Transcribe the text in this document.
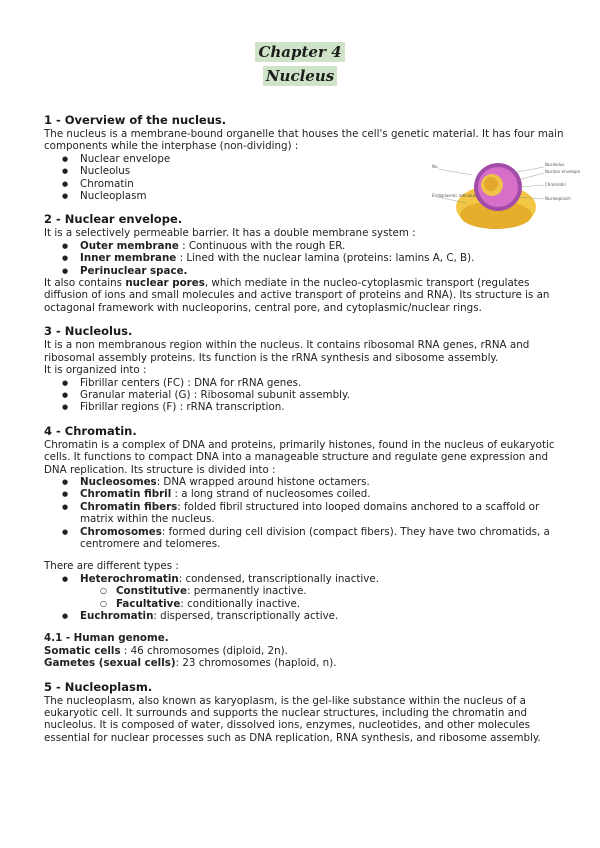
Chapter 4
Nucleus
Nu
Endoplasmic reticulum
Nucleolus
Nuclear envelope
Chromatin
Nucleoplasm
1 - Overview of the nucleus.

The nucleus is a membrane-bound organelle that houses the cell's genetic material. It has four main components while the interphase (non-dividing) :

● Nuclear envelope
● Nucleolus
● Chromatin
● Nucleoplasm
2 - Nuclear envelope.

It is a selectively permeable barrier. It has a double membrane system :

● Outer membrane : Continuous with the rough ER.
● Inner membrane : Lined with the nuclear lamina (proteins: lamins A, C, B).
● Perinuclear space.

It also contains nuclear pores, which mediate in the nucleo-cytoplasmic transport (regulates diffusion of ions and small molecules and active transport of proteins and RNA). Its structure is an octagonal framework with nucleoporins, central pore, and cytoplasmic/nuclear rings.

3 - Nucleolus.

It is a non membranous region within the nucleus. It contains ribosomal RNA genes, rRNA and ribosomal assembly proteins. Its function is the rRNA synthesis and sibosome assembly.

It is organized into :

● Fibrillar centers (FC) : DNA for rRNA genes.
● Granular material (G) : Ribosomal subunit assembly.
● Fibrillar regions (F) : rRNA transcription.
4 - Chromatin.

Chromatin is a complex of DNA and proteins, primarily histones, found in the nucleus of eukaryotic cells. It functions to compact DNA into a manageable structure and regulate gene expression and DNA replication. Its structure is divided into :

● Nucleosomes: DNA wrapped around histone octamers.
● Chromatin fibril : a long strand of nucleosomes coiled.
● Chromatin fibers: folded fibril structured into looped domains anchored to a scaffold or matrix within the nucleus.
● Chromosomes: formed during cell division (compact fibers). They have two chromatids, a centromere and telomeres.

There are different types :

● Heterochromatin: condensed, transcriptionally inactive.
○ Constitutive: permanently inactive.
○ Facultative: conditionally inactive.
● Euchromatin: dispersed, transcriptionally active.

4.1 - Human genome.

Somatic cells : 46 chromosomes (diploid, 2n).

Gametes (sexual cells): 23 chromosomes (haploid, n).

5 - Nucleoplasm.

The nucleoplasm, also known as karyoplasm, is the gel-like substance within the nucleus of a eukaryotic cell. It surrounds and supports the nuclear structures, including the chromatin and nucleolus. It is composed of water, dissolved ions, enzymes, nucleotides, and other molecules essential for nuclear processes such as DNA replication, RNA synthesis, and ribosome assembly.
